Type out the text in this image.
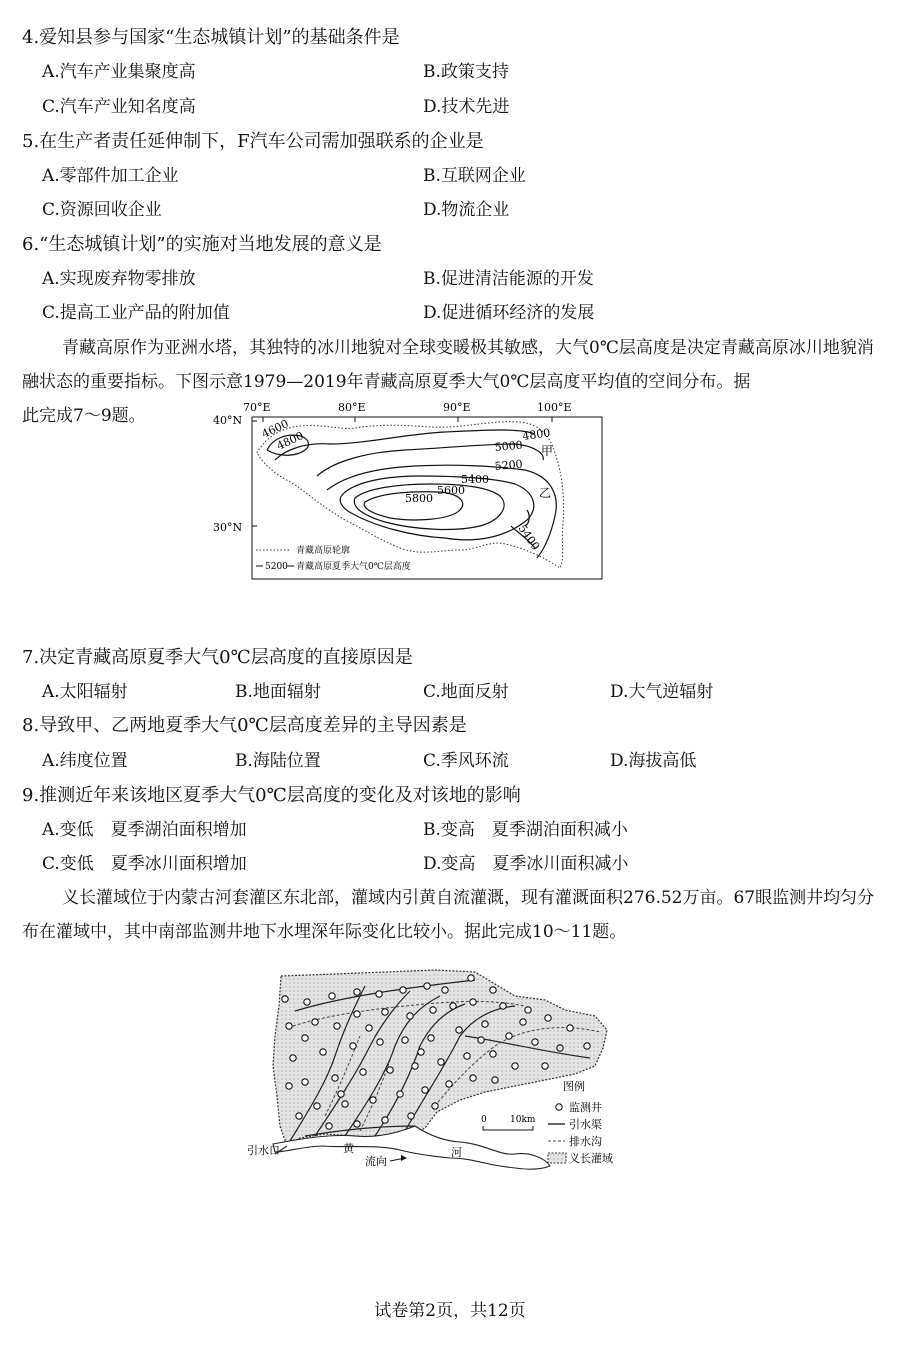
4.爱知县参与国家“生态城镇计划”的基础条件是
A.汽车产业集聚度高	B.政策支持
C.汽车产业知名度高	D.技术先进
5.在生产者责任延伸制下，F汽车公司需加强联系的企业是
A.零部件加工企业	B.互联网企业
C.资源回收企业	D.物流企业
6.“生态城镇计划”的实施对当地发展的意义是
A.实现废弃物零排放	B.促进清洁能源的开发
C.提高工业产品的附加值	D.促进循环经济的发展
青藏高原作为亚洲水塔，其独特的冰川地貌对全球变暖极其敏感，大气0℃层高度是决定青藏高原冰川地貌消融状态的重要指标。下图示意1979—2019年青藏高原夏季大气0℃层高度平均值的空间分布。据
此完成7～9题。	70°E	80°E	90°E	100°E
40°N
30°N
4600
4800	4800
5000
5200
5400
5600
5800
5400
甲
乙
青藏高原轮廓
5200 青藏高原夏季大气0℃层高度
7.决定青藏高原夏季大气0℃层高度的直接原因是
A.太阳辐射	B.地面辐射	C.地面反射	D.大气逆辐射
8.导致甲、乙两地夏季大气0℃层高度差异的主导因素是
A.纬度位置	B.海陆位置	C.季风环流	D.海拔高低
9.推测近年来该地区夏季大气0℃层高度的变化及对该地的影响
A.变低　夏季湖泊面积增加	B.变高　夏季湖泊面积减小
C.变低　夏季冰川面积增加	D.变高　夏季冰川面积减小
义长灌域位于内蒙古河套灌区东北部，灌域内引黄自流灌溉，现有灌溉面积276.52万亩。67眼监测井均匀分布在灌域中，其中南部监测井地下水埋深年际变化比较小。据此完成10～11题。
引水口	黄
流向
河
0	10km
图例
监测井
引水渠
排水沟
义长灌域
试卷第2页，共12页
